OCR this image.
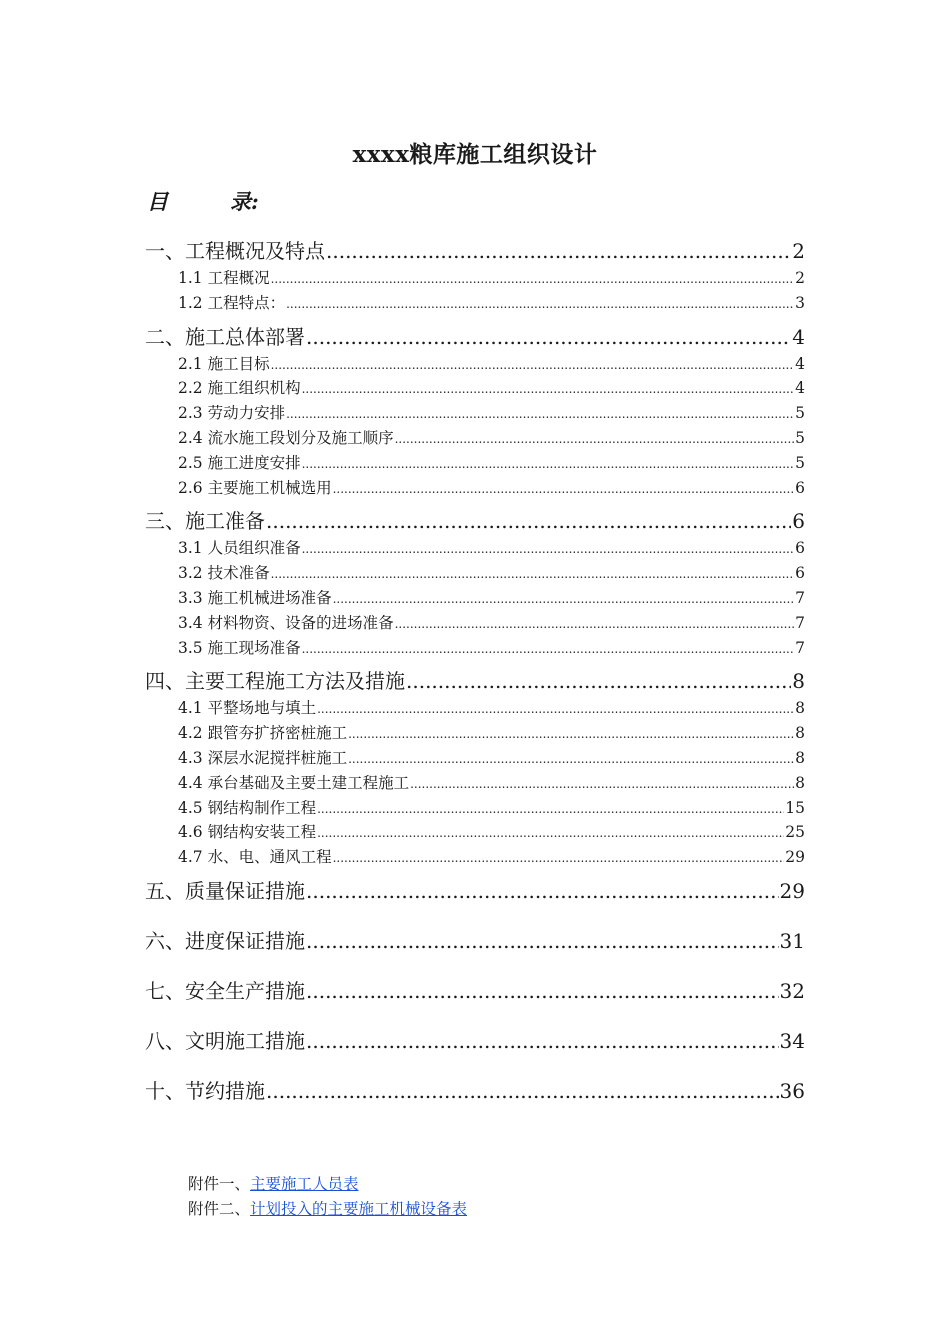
xxxx粮库施工组织设计
目	录:
一、工程概况及特点 .....	2
1.1 工程概况 .....	2
1.2 工程特点： .....	3
二、施工总体部署 .....	4
2.1 施工目标 .....	4
2.2 施工组织机构 .....	4
2.3 劳动力安排 .....	5
2.4 流水施工段划分及施工顺序 .....	5
2.5 施工进度安排 .....	5
2.6 主要施工机械选用 .....	6
三、施工准备 .....	6
3.1 人员组织准备 .....	6
3.2 技术准备 .....	6
3.3 施工机械进场准备 .....	7
3.4 材料物资、设备的进场准备 .....	7
3.5 施工现场准备 .....	7
四、主要工程施工方法及措施 .....	8
4.1 平整场地与填土 .....	8
4.2 跟管夯扩挤密桩施工 .....	8
4.3 深层水泥搅拌桩施工 .....	8
4.4 承台基础及主要土建工程施工 .....	8
4.5 钢结构制作工程 .....	15
4.6 钢结构安装工程 .....	25
4.7 水、电、通风工程 .....	29
五、质量保证措施 .....	29
六、进度保证措施 .....	31
七、安全生产措施 .....	32
八、文明施工措施 .....	34
十、节约措施 .....	36
附件一、主要施工人员表
附件二、计划投入的主要施工机械设备表
